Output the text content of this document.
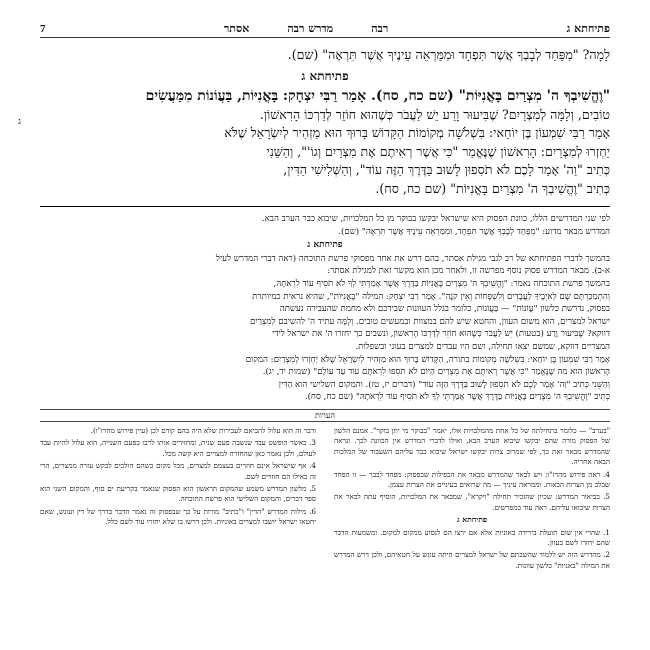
פתיחתא ג
רבה
מדרש רבה
אסתר
7
ג
לָמָה? "מִפַּחַד לְבָבְךָ אֲשֶׁר תִּפְחָד וּמִמַּרְאֵה עֵינֶיךָ אֲשֶׁר תִּרְאֶה" (שם).
פתיחתא ג
"וֶהֱשִׁיבְךָ ה' מִצְרַיִם בָּאֳנִיּוֹת" (שם כח, סח). אָמַר רַבִּי יִצְחָק: בָּאֳנִיּוֹת, בַּעֲוֹנוֹת מִמַּעֲשִׂים
טוֹבִים, וְלָמָּה לְמִצְרַיִם? שֶׁבִּיעוּר וָרַע יֵשׁ לַעֲבֹר כְּשֶׁהוּא חוֹזֵר לְדַרְכּוֹ הָרִאשׁוֹן.
אָמַר רַבִּי שִׁמְעוֹן בֶּן יוֹחַאי: בִּשְׁלֹשָׁה מְקוֹמוֹת הַקָּדוֹשׁ בָּרוּךְ הוּא מַזְהִיר לְיִשְׂרָאֵל שֶׁלֹּא
יַחְזְרוּ לְמִצְרַיִם: הָרִאשׁוֹן שֶׁנֶּאֱמַר "כִּי אֲשֶׁר רְאִיתֶם אֶת מִצְרַיִם וְגוֹ'", וְהַשֵּׁנִי
כְּתִיב "וַה' אָמַר לָכֶם לֹא תֹסִפוּן לָשׁוּב בַּדֶּרֶךְ הַזֶּה עוֹד", וְהַשְּׁלִישִׁי הַדִּין,
כְּתִיב "וֶהֱשִׁיבְךָ ה' מִצְרַיִם בָּאֳנִיּוֹת" (שם כח, סח).
לפי שני המדרשים הללו, כוונת הפסוק היא שישראל יבקשו בבוקר מן כל המלכויות, שיבוא כבר הערב הבא.
המדרש מבאר מדוע: "מִפַּחַד לְבָבְךָ אֲשֶׁר תִּפְחָד, וּמִמַּרְאֵה עֵינֶיךָ אֲשֶׁר תִּרְאֶה" (שם).
פתיחתא ג
בהמשך לדברי הפתיחתא של רב לגבי מגילת אסתר, בהם דרש את אחד מפסוקי פרשת התוכחה (ראה דברי המדרש לעיל
א-ב). מבאר המדרש פסוק נוסף מפרשה זו, ולאחר מכן הוא מקשר זאת למגילת אסתר:
בהמשך פרשת התוכחה נאמר: "וֶהֱשִׁיבְךָ ה' מִצְרַיִם בָּאֳנִיּוֹת בַּדֶּרֶךְ אֲשֶׁר אָמַרְתִּי לְךָ לֹא תֹסִיף עוֹד לִרְאֹתָהּ,
וְהִתְמַכַּרְתֶּם שָׁם לְאֹיְבֶיךָ לַעֲבָדִים וְלִשְׁפָחוֹת וְאֵין קֹנֶה". אָמַר רַבִּי יִצְחָק: המילה "בָּאֳנִיּוֹת", שהיא נראית כמיותרת
בפסוק, נדרשת כלשון "עֲוֹנוֹת" — בַּעֲוֹנוֹת, כלומר בגלל העוונות שבידכם ולא מחמת שהעבירה נעשתה
ישראל למצרים, הוא משום העוון, והחטא שיש להם במצוות ובמעשים טובים. וְלָמָּה עתיד ה' להשיבם לְמִצְרַיִם
דווקא? שֶׁבִּיעוּר וָרַע (בטעות) יֵשׁ לַעֲבֹר כְּשֶׁהוּא חוֹזֵר לְדַרְכּוֹ הָרִאשׁוֹן, ונשבים כך יחזרו ה' את ישראל לידי
המצריים דווקא, שמשם יצאו תחילה, ושם היו עבדים למצרים בעוני ובשפלות.
אָמַר רַבִּי שִׁמְעוֹן בֶּן יוֹחַאי: בִּשְׁלֹשָׁה מְקוֹמוֹת בתורה, הַקָּדוֹשׁ בָּרוּךְ הוּא מַזְהִיר לְיִשְׂרָאֵל שֶׁלֹּא יַחְזְרוּ לְמִצְרַיִם: המקום
הָרִאשׁוֹן הוא מה שֶׁנֶּאֱמַר "כִּי אֲשֶׁר רְאִיתֶם אֶת מִצְרַיִם הַיּוֹם לֹא תֹסִפוּ לִרְאֹתָם עוֹד עַד עוֹלָם" (שמות יד, יג).
וְהַשֵּׁנִי כְּתִיב "וַה' אָמַר לָכֶם לֹא תֹסִפוּן לָשׁוּב בַּדֶּרֶךְ הַזֶּה עוֹד" (דברים יז, טז). והמקום השלישי הוא הַדִּין
כְּתִיב "וֶהֱשִׁיבְךָ ה' מִצְרַיִם בָּאֳנִיּוֹת בַּדֶּרֶךְ אֲשֶׁר אָמַרְתִּי לְךָ לֹא תֹסִיף עוֹד לִרְאֹתָהּ" (שם כח, סח).
הערות

"בערב" — כלומר בתחילתה של כל אחת מהמלכויות אלו, יאמר "בבוקר מי יתן בוקר". אמנם הלשון של הפסוק מורה שהם יבקשו שיבוא הערב הבא, ואילו לדברי המדרש אין הכוונה לכך. ונראה שהמדרש מבאר זאת כך, לפי שמרוב צרות יבקשו ישראל שיבוא כבר עליהם השעבוד של המלכות הבאה אחריה.

4. ראה פירוש מהרז"ו: ויש לבאר שהמדרש מבאר את הכפילות שבפסוק: מפחד לבבך — זו הפחד שבלב מן הצרות הבאות. וממראה עיניך — מה שרואים בעיניים את הצרות עצמן.

5. בביאור המדרש: שכיון שהזכיר תחילה "ויקרא", שמבאר את המלכויות, הוסיף עתה לבאר את הצרות שיבואו עליהם. ראה עוד במפרשים.

פתיחתא ג

1. שהרי אין שום תועלת בירידה באוניות אלא אם ירצו הם לנסוע ממקום למקום. ומשמעות הדבר שהם יחזרו לשם בעוון.

2. מהדרש הזה יש ללמוד שהשבתם של ישראל למצרים היתה עונש על חטאיהם, ולכן דרש המדרש את המילה "באניות" כלשון עוונות.

ודבר זה הוא עלול להביאם לעבירות שלא היה בהם קודם לכן (עיין פירוש מהרז"ו).

3. כאשר הופשט עבד שנשבה פעם שנית, ומחזירים אותו לרבו בפעם השנייה, הוא עלול להיות עבד לעולם, ולכן נאמר כאן שהחזרה למצרים היא קשה מכל.

4. אף שישראל אינם חוזרים בעצמם למצרים, מכל מקום כשהם הולכים לבקש עזרה ממצרים, הרי זה כאילו הם חוזרים לשם.

5. מלשון המדרש משמע שהמקום הראשון הוא הפסוק שנאמר בקריעת ים סוף, והמקום השני הוא ספר דברים, והמקום השלישי הוא פרשת התוכחה.

6. מילות המדרש "הדין" ו"כתיב" מורות על כך שבפסוק זה נאמר הדבר בדרך של דין ועונש, שאם יחטאו ישראל יושבו למצרים באוניות. ולכן דרשו בו שלא יחזרו עוד לשם כלל.
